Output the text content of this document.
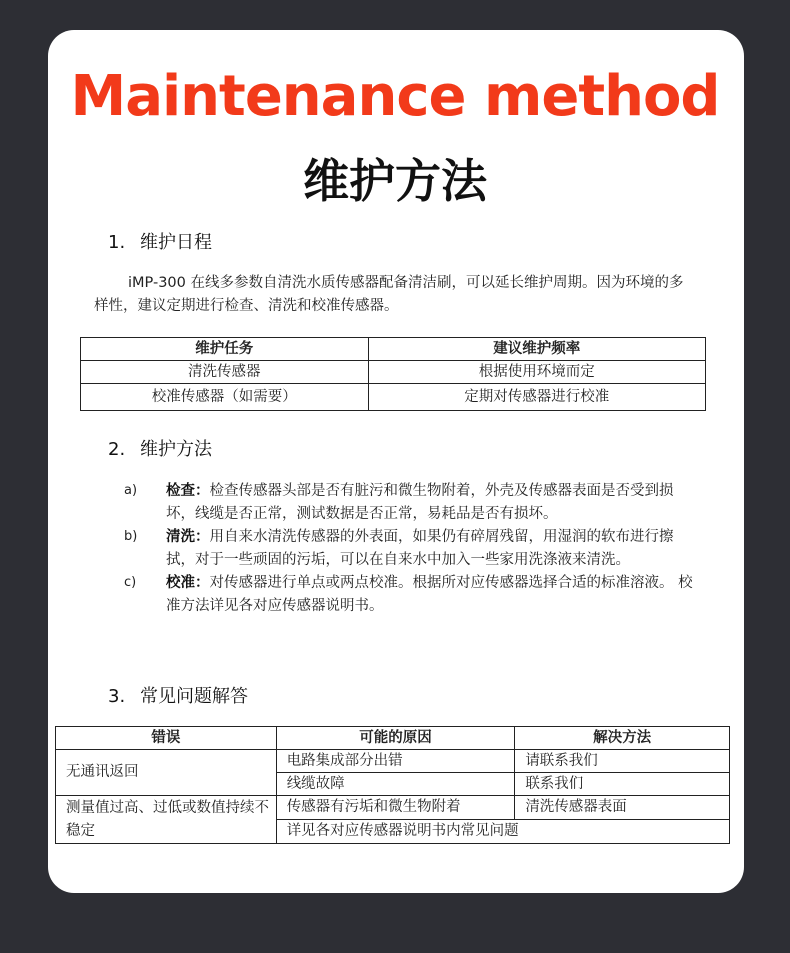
Maintenance method
维护方法
1. 维护日程
iMP-300 在线多参数自清洗水质传感器配备清洁刷，可以延长维护周期。因为环境的多样性，建议定期进行检查、清洗和校准传感器。
维护任务	建议维护频率
清洗传感器	根据使用环境而定
校准传感器（如需要）	定期对传感器进行校准
2. 维护方法
a) 检查：检查传感器头部是否有脏污和微生物附着，外壳及传感器表面是否受到损坏，线缆是否正常，测试数据是否正常，易耗品是否有损坏。
b) 清洗：用自来水清洗传感器的外表面，如果仍有碎屑残留，用湿润的软布进行擦拭，对于一些顽固的污垢，可以在自来水中加入一些家用洗涤液来清洗。
c) 校准：对传感器进行单点或两点校准。根据所对应传感器选择合适的标准溶液。 校准方法详见各对应传感器说明书。
3. 常见问题解答
错误	可能的原因	解决方法
无通讯返回	电路集成部分出错	请联系我们
	线缆故障	联系我们
测量值过高、过低或数值持续不稳定	传感器有污垢和微生物附着	清洗传感器表面
	详见各对应传感器说明书内常见问题	
